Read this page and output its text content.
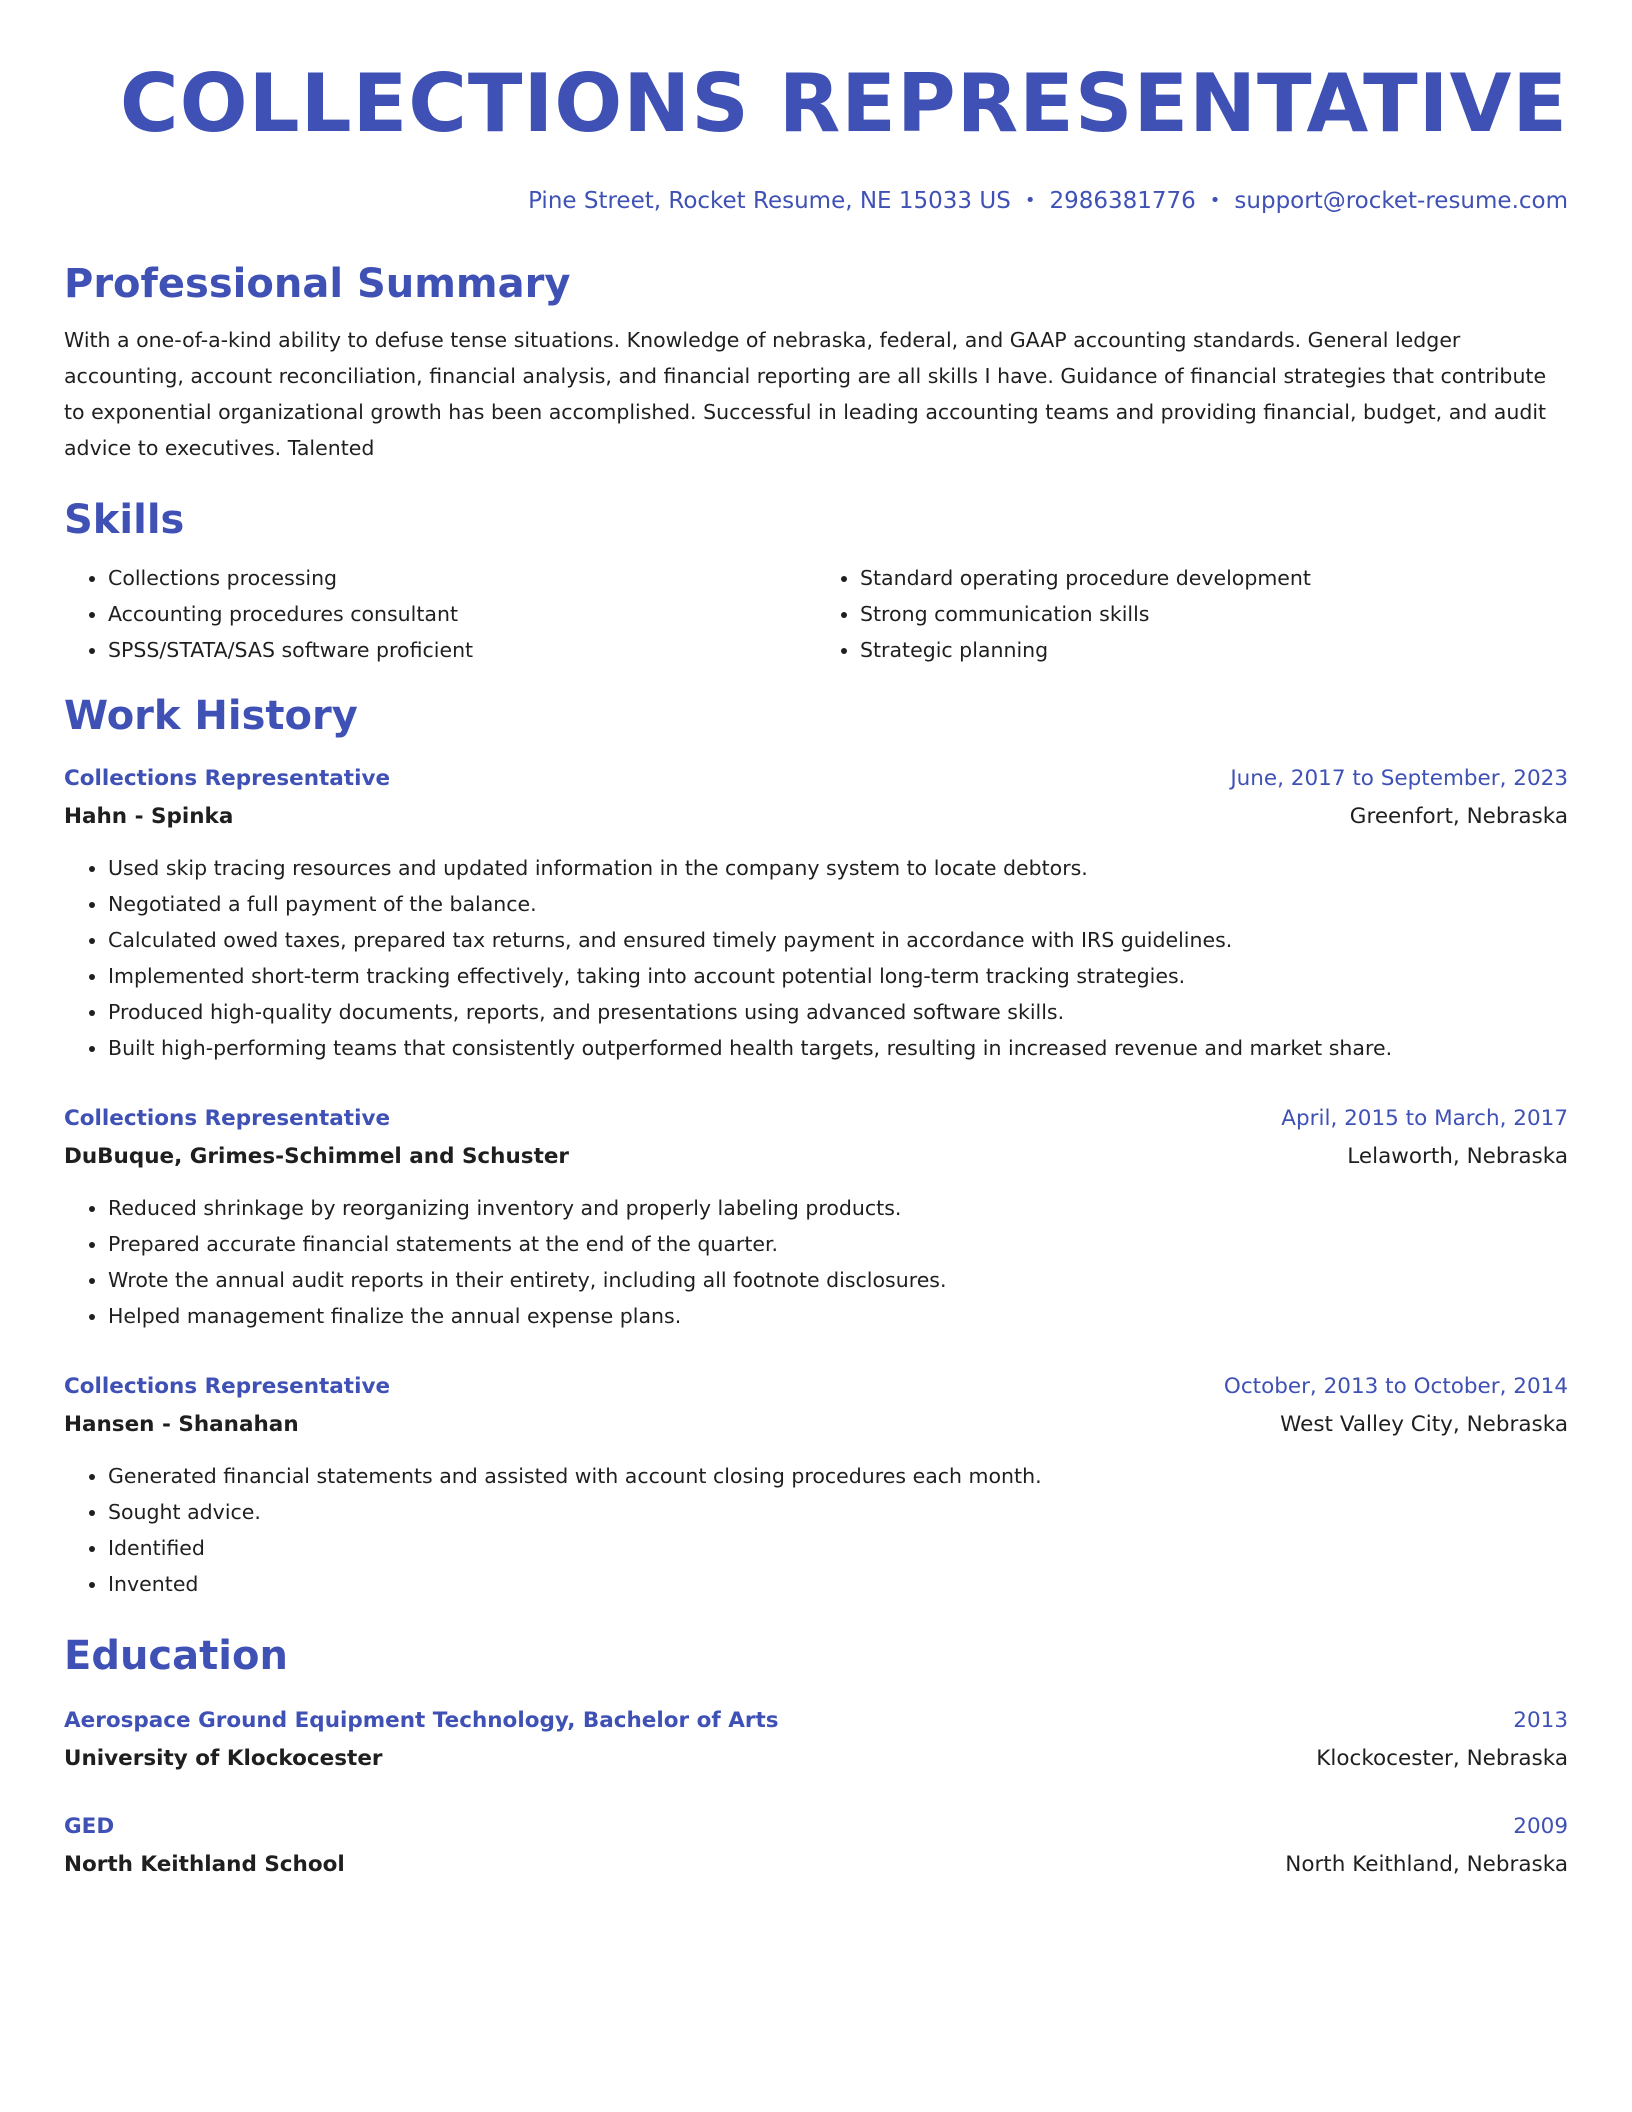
COLLECTIONS REPRESENTATIVE
Pine Street, Rocket Resume, NE 15033 US • 2986381776 • support@rocket-resume.com
Professional Summary
With a one-of-a-kind ability to defuse tense situations. Knowledge of nebraska, federal, and GAAP accounting standards. General ledger accounting, account reconciliation, financial analysis, and financial reporting are all skills I have. Guidance of financial strategies that contribute to exponential organizational growth has been accomplished. Successful in leading accounting teams and providing financial, budget, and audit advice to executives. Talented
Skills
• Collections processing
• Accounting procedures consultant
• SPSS/STATA/SAS software proficient
• Standard operating procedure development
• Strong communication skills
• Strategic planning
Work History
Collections Representative	June, 2017 to September, 2023
Hahn - Spinka	Greenfort, Nebraska
• Used skip tracing resources and updated information in the company system to locate debtors.
• Negotiated a full payment of the balance.
• Calculated owed taxes, prepared tax returns, and ensured timely payment in accordance with IRS guidelines.
• Implemented short-term tracking effectively, taking into account potential long-term tracking strategies.
• Produced high-quality documents, reports, and presentations using advanced software skills.
• Built high-performing teams that consistently outperformed health targets, resulting in increased revenue and market share.
Collections Representative	April, 2015 to March, 2017
DuBuque, Grimes-Schimmel and Schuster	Lelaworth, Nebraska
• Reduced shrinkage by reorganizing inventory and properly labeling products.
• Prepared accurate financial statements at the end of the quarter.
• Wrote the annual audit reports in their entirety, including all footnote disclosures.
• Helped management finalize the annual expense plans.
Collections Representative	October, 2013 to October, 2014
Hansen - Shanahan	West Valley City, Nebraska
• Generated financial statements and assisted with account closing procedures each month.
• Sought advice.
• Identified
• Invented
Education
Aerospace Ground Equipment Technology, Bachelor of Arts	2013
University of Klockocester	Klockocester, Nebraska
GED	2009
North Keithland School	North Keithland, Nebraska
